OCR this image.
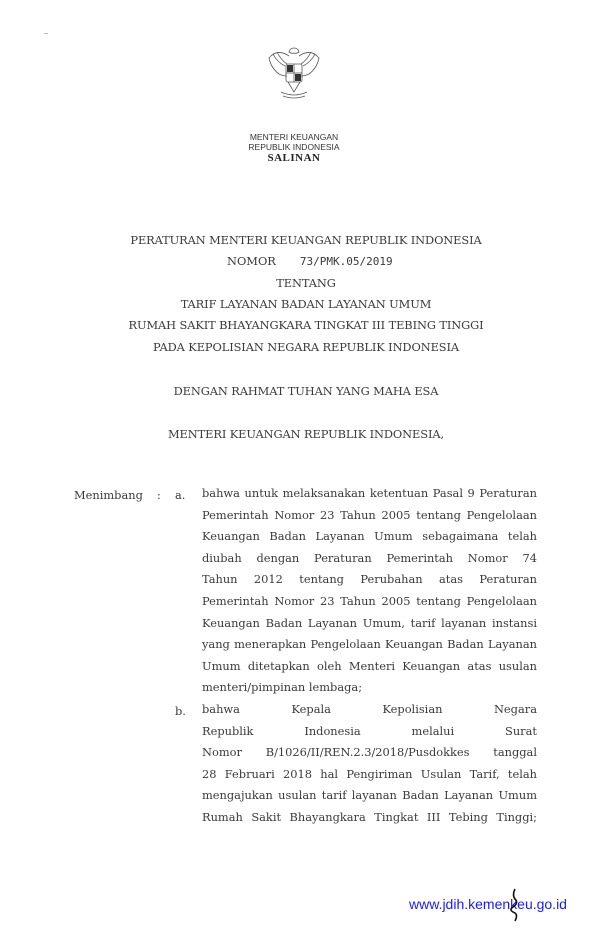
MENTERI KEUANGAN
REPUBLIK INDONESIA
SALINAN
PERATURAN MENTERI KEUANGAN REPUBLIK INDONESIA
NOMOR 73/PMK.05/2019
TENTANG
TARIF LAYANAN BADAN LAYANAN UMUM
RUMAH SAKIT BHAYANGKARA TINGKAT III TEBING TINGGI
PADA KEPOLISIAN NEGARA REPUBLIK INDONESIA
DENGAN RAHMAT TUHAN YANG MAHA ESA
MENTERI KEUANGAN REPUBLIK INDONESIA,
Menimbang : a. bahwa untuk melaksanakan ketentuan Pasal 9 Peraturan
Pemerintah Nomor 23 Tahun 2005 tentang Pengelolaan
Keuangan Badan Layanan Umum sebagaimana telah
diubah dengan Peraturan Pemerintah Nomor 74
Tahun 2012 tentang Perubahan atas Peraturan
Pemerintah Nomor 23 Tahun 2005 tentang Pengelolaan
Keuangan Badan Layanan Umum, tarif layanan instansi
yang menerapkan Pengelolaan Keuangan Badan Layanan
Umum ditetapkan oleh Menteri Keuangan atas usulan
menteri/pimpinan lembaga;
b. bahwa Kepala Kepolisian Negara
Republik Indonesia melalui Surat
Nomor B/1026/II/REN.2.3/2018/Pusdokkes tanggal
28 Februari 2018 hal Pengiriman Usulan Tarif, telah
mengajukan usulan tarif layanan Badan Layanan Umum
Rumah Sakit Bhayangkara Tingkat III Tebing Tinggi;
www.jdih.kemenkeu.go.id
